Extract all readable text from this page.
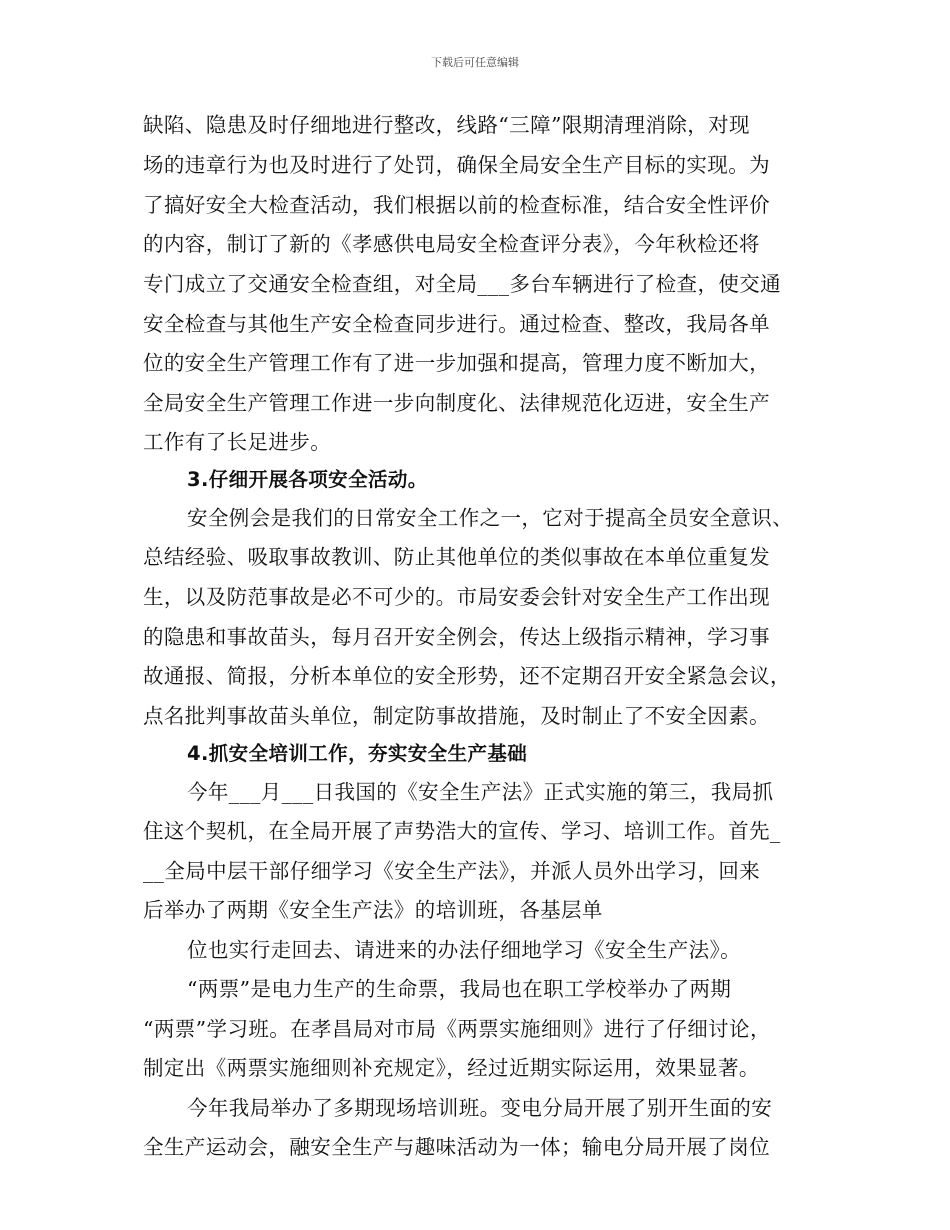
下载后可任意编辑
缺陷、隐患及时仔细地进行整改，线路“三障”限期清理消除，对现
场的违章行为也及时进行了处罚，确保全局安全生产目标的实现。为
了搞好安全大检查活动，我们根据以前的检查标准，结合安全性评价
的内容，制订了新的《孝感供电局安全检查评分表》，今年秋检还将
专门成立了交通安全检查组，对全局___多台车辆进行了检查，使交通
安全检查与其他生产安全检查同步进行。通过检查、整改，我局各单
位的安全生产管理工作有了进一步加强和提高，管理力度不断加大，
全局安全生产管理工作进一步向制度化、法律规范化迈进，安全生产
工作有了长足进步。
3.仔细开展各项安全活动。
安全例会是我们的日常安全工作之一，它对于提高全员安全意识、
总结经验、吸取事故教训、防止其他单位的类似事故在本单位重复发
生，以及防范事故是必不可少的。市局安委会针对安全生产工作出现
的隐患和事故苗头，每月召开安全例会，传达上级指示精神，学习事
故通报、简报，分析本单位的安全形势，还不定期召开安全紧急会议，
点名批判事故苗头单位，制定防事故措施，及时制止了不安全因素。
4.抓安全培训工作，夯实安全生产基础
今年___月___日我国的《安全生产法》正式实施的第三，我局抓
住这个契机，在全局开展了声势浩大的宣传、学习、培训工作。首先_
__全局中层干部仔细学习《安全生产法》，并派人员外出学习，回来
后举办了两期《安全生产法》的培训班，各基层单
位也实行走回去、请进来的办法仔细地学习《安全生产法》。
“两票”是电力生产的生命票，我局也在职工学校举办了两期
“两票”学习班。在孝昌局对市局《两票实施细则》进行了仔细讨论，
制定出《两票实施细则补充规定》，经过近期实际运用，效果显著。
今年我局举办了多期现场培训班。变电分局开展了别开生面的安
全生产运动会，融安全生产与趣味活动为一体；输电分局开展了岗位
